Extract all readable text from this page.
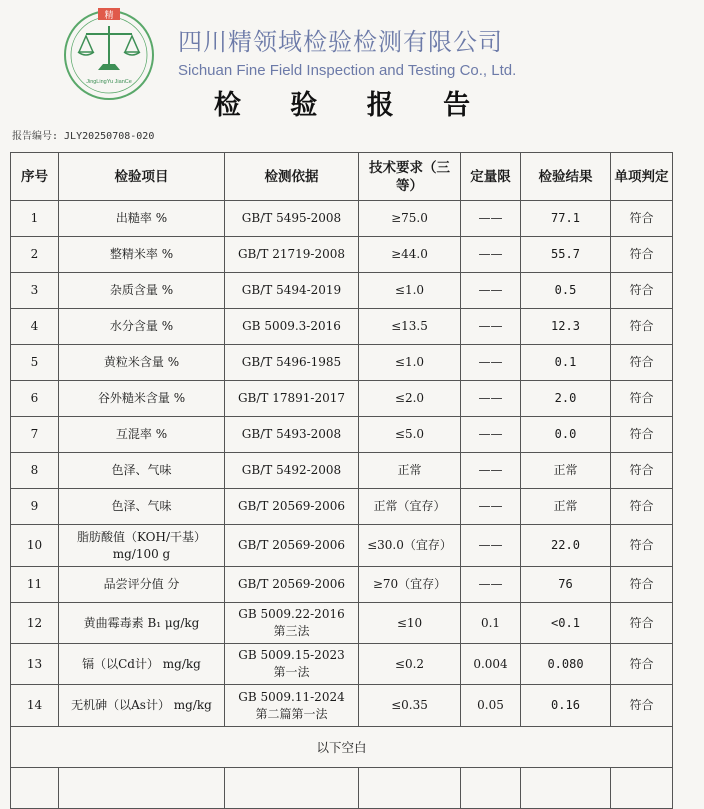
精
JingLingYu JianCe
四川精领域检验检测有限公司
Sichuan Fine Field Inspection and Testing Co., Ltd.
检 验 报 告
报告编号: JLY20250708-020
序号	检验项目	检测依据	技术要求（三等）	定量限	检验结果	单项判定
1	出糙率 %	GB/T 5495-2008	≥75.0	——	77.1	符合
2	整精米率 %	GB/T 21719-2008	≥44.0	——	55.7	符合
3	杂质含量 %	GB/T 5494-2019	≤1.0	——	0.5	符合
4	水分含量 %	GB 5009.3-2016	≤13.5	——	12.3	符合
5	黄粒米含量 %	GB/T 5496-1985	≤1.0	——	0.1	符合
6	谷外糙米含量 %	GB/T 17891-2017	≤2.0	——	2.0	符合
7	互混率 %	GB/T 5493-2008	≤5.0	——	0.0	符合
8	色泽、气味	GB/T 5492-2008	正常	——	正常	符合
9	色泽、气味	GB/T 20569-2006	正常（宜存）	——	正常	符合
10	脂肪酸值（KOH/干基）
mg/100 g	GB/T 20569-2006	≤30.0（宜存）	——	22.0	符合
11	品尝评分值 分	GB/T 20569-2006	≥70（宜存）	——	76	符合
12	黄曲霉毒素 B₁ μg/kg	GB 5009.22-2016
第三法	≤10	0.1	<0.1	符合
13	镉（以Cd计） mg/kg	GB 5009.15-2023
第一法	≤0.2	0.004	0.080	符合
14	无机砷（以As计） mg/kg	GB 5009.11-2024
第二篇第一法	≤0.35	0.05	0.16	符合
以下空白						
